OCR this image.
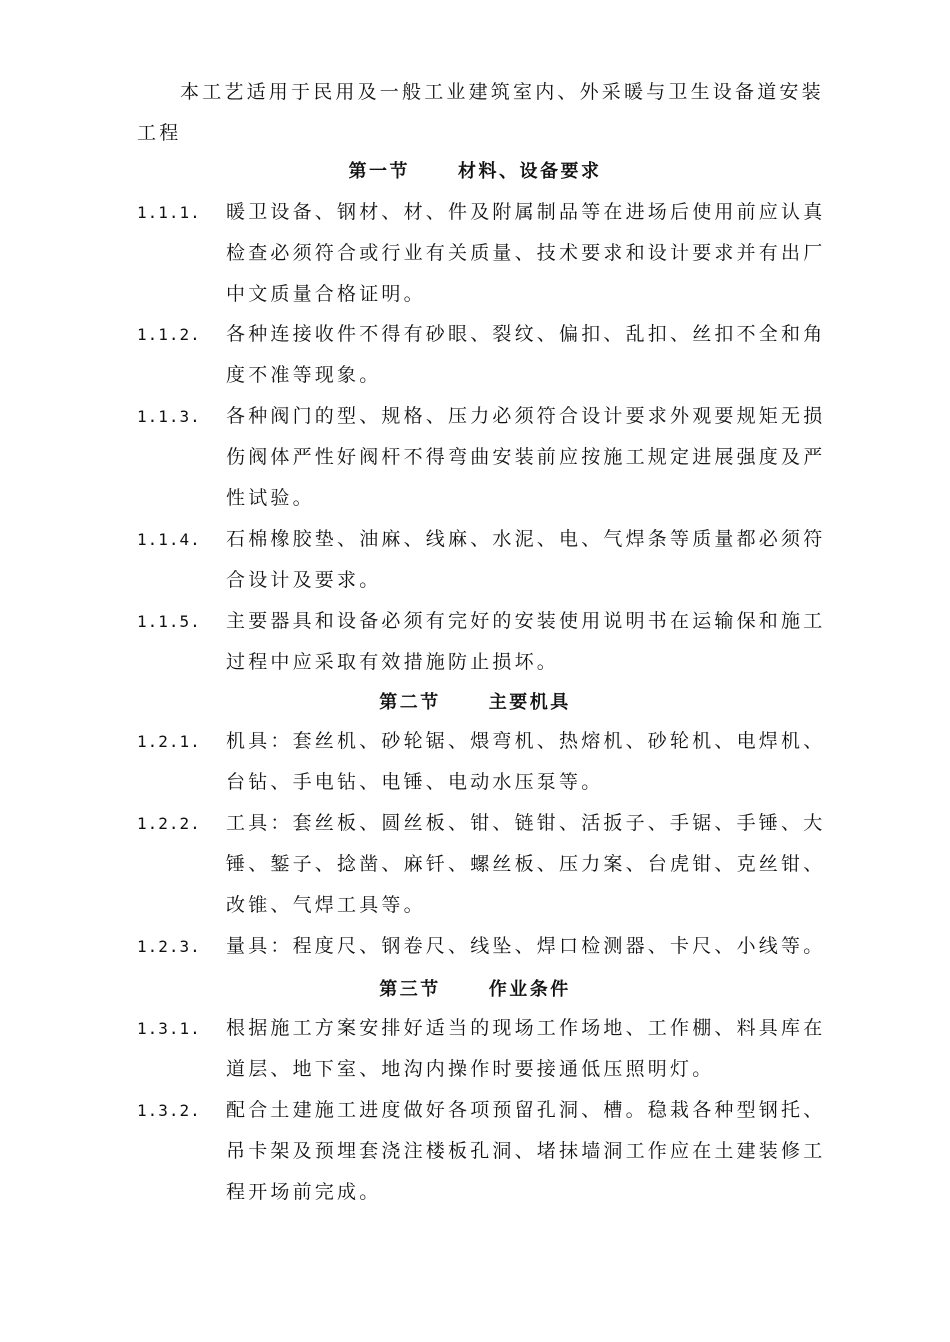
本工艺适用于民用及一般工业建筑室内、外采暖与卫生设备道安装工程
第一节	材料、设备要求
1.1.1. 暖卫设备、钢材、材、件及附属制品等在进场后使用前应认真检查必须符合或行业有关质量、技术要求和设计要求并有出厂中文质量合格证明。
1.1.2. 各种连接收件不得有砂眼、裂纹、偏扣、乱扣、丝扣不全和角度不准等现象。
1.1.3. 各种阀门的型、规格、压力必须符合设计要求外观要规矩无损伤阀体严性好阀杆不得弯曲安装前应按施工规定进展强度及严性试验。
1.1.4. 石棉橡胶垫、油麻、线麻、水泥、电、气焊条等质量都必须符合设计及要求。
1.1.5. 主要器具和设备必须有完好的安装使用说明书在运输保和施工过程中应采取有效措施防止损坏。
第二节	主要机具
1.2.1. 机具：套丝机、砂轮锯、煨弯机、热熔机、砂轮机、电焊机、台钻、手电钻、电锤、电动水压泵等。
1.2.2. 工具：套丝板、圆丝板、钳、链钳、活扳子、手锯、手锤、大锤、錾子、捻凿、麻钎、螺丝板、压力案、台虎钳、克丝钳、改锥、气焊工具等。
1.2.3. 量具：程度尺、钢卷尺、线坠、焊口检测器、卡尺、小线等。
第三节	作业条件
1.3.1. 根据施工方案安排好适当的现场工作场地、工作棚、料具库在道层、地下室、地沟内操作时要接通低压照明灯。
1.3.2. 配合土建施工进度做好各项预留孔洞、槽。稳栽各种型钢托、吊卡架及预埋套浇注楼板孔洞、堵抹墙洞工作应在土建装修工程开场前完成。
